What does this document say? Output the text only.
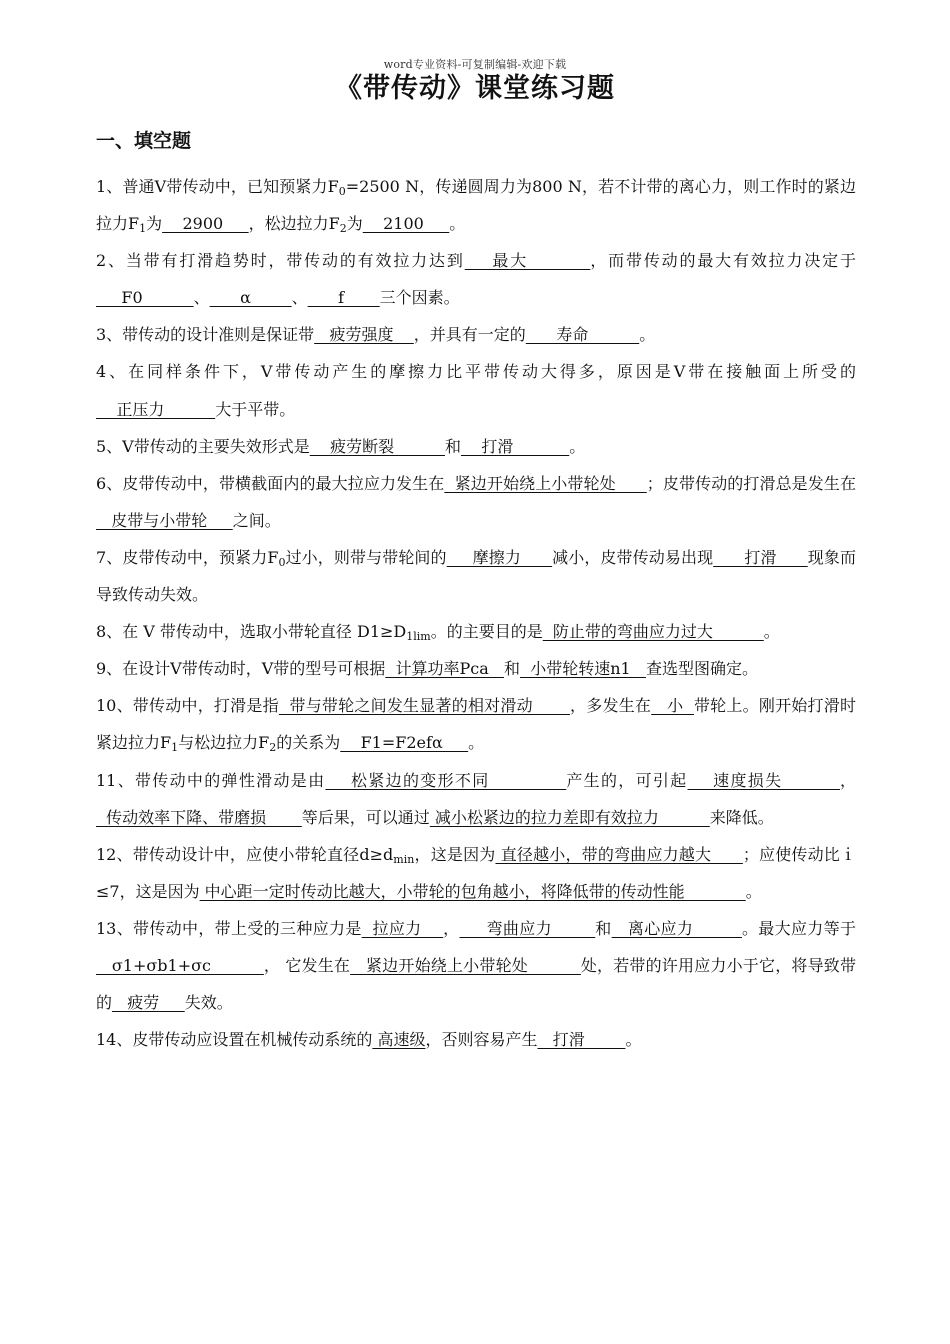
word专业资料-可复制编辑-欢迎下载
《带传动》课堂练习题
一、填空题

1、普通V带传动中，已知预紧力$F_0=2500$ N，传递圆周力为800 N，若不计带的离心力，则工作时的紧边拉力$F_1$为    2900     ，松边拉力$F_2$为    2100     。

2、当带有打滑趋势时，带传动的有效拉力达到    最大         ，而带传动的最大有效拉力决定于     F0          、      α        、      f       三个因素。

3、带传动的设计准则是保证带   疲劳强度    ，并具有一定的      寿命          。

4、在同样条件下，V带传动产生的摩擦力比平带传动大得多，原因是V带在接触面上所受的    正压力          大于平带。

5、V带传动的主要失效形式是    疲劳断裂          和    打滑           。

6、皮带传动中，带横截面内的最大拉应力发生在  紧边开始绕上小带轮处      ；皮带传动的打滑总是发生在   皮带与小带轮     之间。

7、皮带传动中，预紧力$F_0$过小，则带与带轮间的     摩擦力      减小，皮带传动易出现      打滑      现象而导致传动失效。

8、在 V 带传动中，选取小带轮直径 $D1\ge D_{1lim}$。的主要目的是  防止带的弯曲应力过大          。

9、在设计V带传动时，V带的型号可根据  计算功率Pca   和  小带轮转速n1   查选型图确定。

10、带传动中，打滑是指  带与带轮之间发生显著的相对滑动       ，多发生在   小  带轮上。刚开始打滑时紧边拉力$F_1$与松边拉力$F_2$的关系为    F1=F2efα     。

11、带传动中的弹性滑动是由    松紧边的变形不同            产生的，可引起    速度损失         ，  传动效率下降、带磨损       等后果，可以通过 减小松紧边的拉力差即有效拉力          来降低。

12、带传动设计中，应使小带轮直径$d\ge d_{min}$，这是因为 直径越小，带的弯曲应力越大      ；应使传动比ｉ≤7，这是因为 中心距一定时传动比越大，小带轮的包角越小，将降低带的传动性能            。

13、带传动中，带上受的三种应力是  拉应力    ，     弯曲应力        和   离心应力         。最大应力等于   σ1+σb1+σc          ， 它发生在   紧边开始绕上小带轮处          处，若带的许用应力小于它，将导致带的   疲劳     失效。

14、皮带传动应设置在机械传动系统的 高速级，否则容易产生   打滑        。
